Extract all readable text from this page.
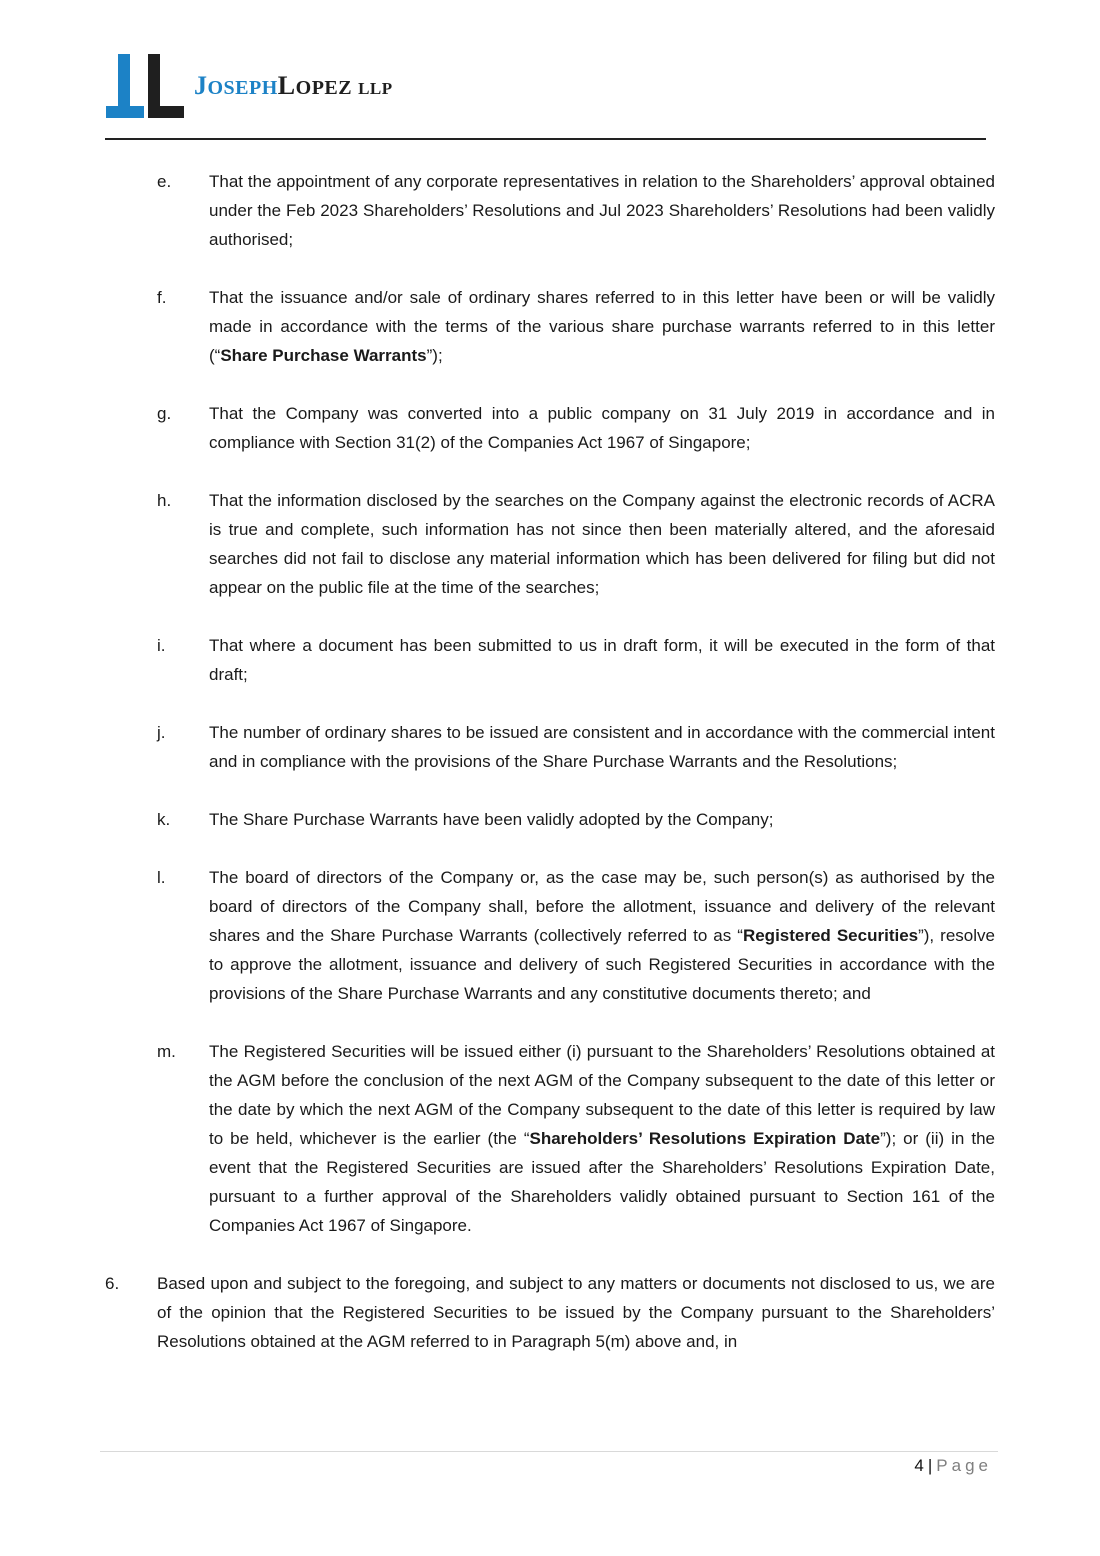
JOSEPHLOPEZ LLP
e. That the appointment of any corporate representatives in relation to the Shareholders’ approval obtained under the Feb 2023 Shareholders’ Resolutions and Jul 2023 Shareholders’ Resolutions had been validly authorised;
f.	That the issuance and/or sale of ordinary shares referred to in this letter have been or will be validly made in accordance with the terms of the various share purchase warrants referred to in this letter (“Share Purchase Warrants”);
g. That the Company was converted into a public company on 31 July 2019 in accordance and in compliance with Section 31(2) of the Companies Act 1967 of Singapore;
h. That the information disclosed by the searches on the Company against the electronic records of ACRA is true and complete, such information has not since then been materially altered, and the aforesaid searches did not fail to disclose any material information which has been delivered for filing but did not appear on the public file at the time of the searches;
i.	That where a document has been submitted to us in draft form, it will be executed in the form of that draft;
j.	The number of ordinary shares to be issued are consistent and in accordance with the commercial intent and in compliance with the provisions of the Share Purchase Warrants and the Resolutions;
k. The Share Purchase Warrants have been validly adopted by the Company;
l.	The board of directors of the Company or, as the case may be, such person(s) as authorised by the board of directors of the Company shall, before the allotment, issuance and delivery of the relevant shares and the Share Purchase Warrants (collectively referred to as “Registered Securities”), resolve to approve the allotment, issuance and delivery of such Registered Securities in accordance with the provisions of the Share Purchase Warrants and any constitutive documents thereto; and
m. The Registered Securities will be issued either (i) pursuant to the Shareholders’ Resolutions obtained at the AGM before the conclusion of the next AGM of the Company subsequent to the date of this letter or the date by which the next AGM of the Company subsequent to the date of this letter is required by law to be held, whichever is the earlier (the “Shareholders’ Resolutions Expiration Date”); or (ii) in the event that the Registered Securities are issued after the Shareholders’ Resolutions Expiration Date, pursuant to a further approval of the Shareholders validly obtained pursuant to Section 161 of the Companies Act 1967 of Singapore.
6. Based upon and subject to the foregoing, and subject to any matters or documents not disclosed to us, we are of the opinion that the Registered Securities to be issued by the Company pursuant to the Shareholders’ Resolutions obtained at the AGM referred to in Paragraph 5(m) above and, in
4 | Page
